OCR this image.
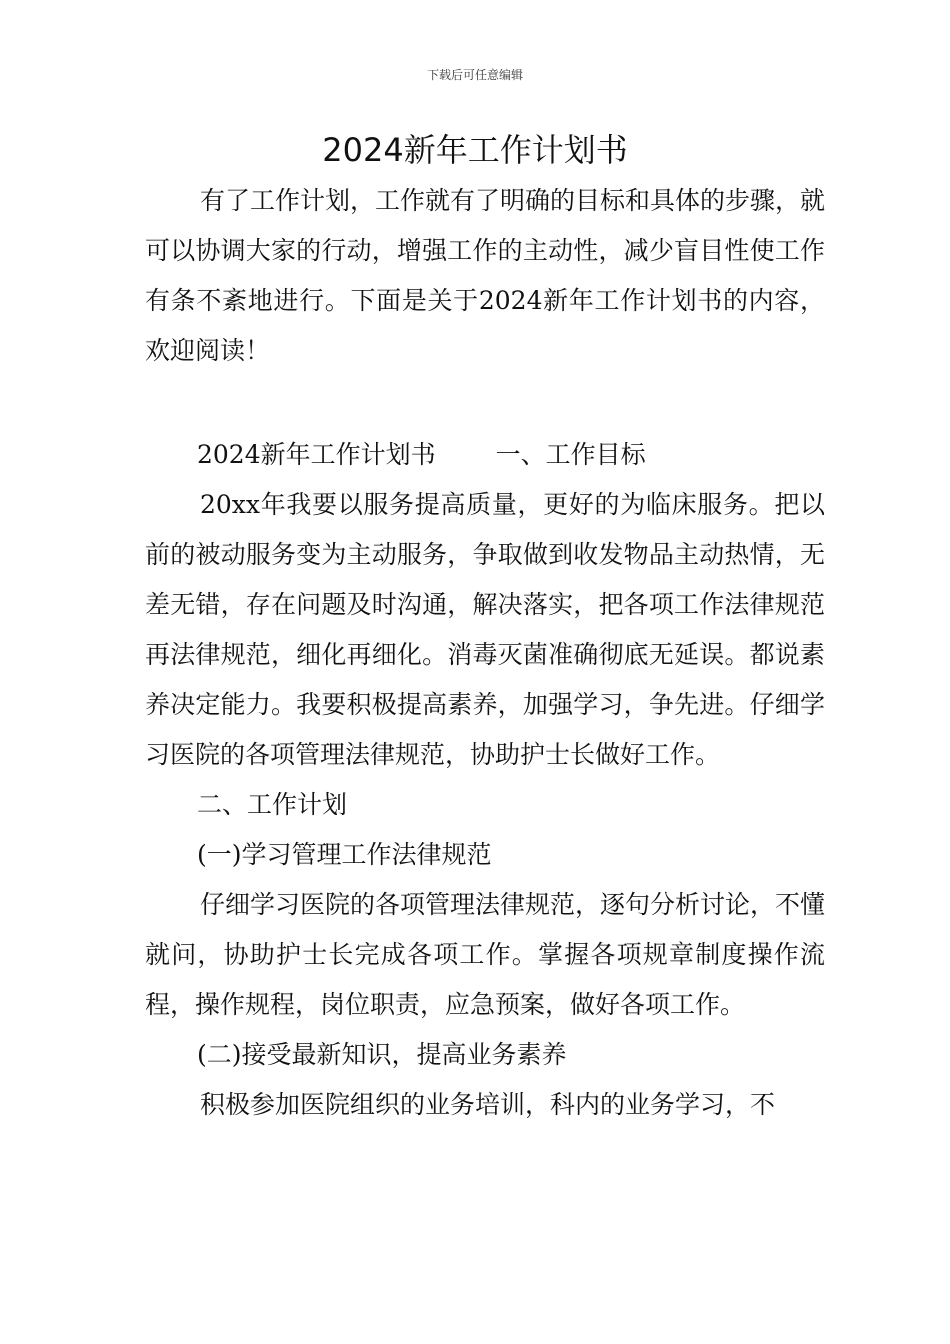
下载后可任意编辑
2024新年工作计划书

有了工作计划，工作就有了明确的目标和具体的步骤，就可以协调大家的行动，增强工作的主动性，减少盲目性使工作有条不紊地进行。下面是关于2024新年工作计划书的内容，欢迎阅读！

2024新年工作计划书 一、工作目标

20xx年我要以服务提高质量，更好的为临床服务。把以前的被动服务变为主动服务，争取做到收发物品主动热情，无差无错，存在问题及时沟通，解决落实，把各项工作法律规范再法律规范，细化再细化。消毒灭菌准确彻底无延误。都说素养决定能力。我要积极提高素养，加强学习，争先进。仔细学习医院的各项管理法律规范，协助护士长做好工作。

二、工作计划

(一)学习管理工作法律规范

仔细学习医院的各项管理法律规范，逐句分析讨论，不懂就问，协助护士长完成各项工作。掌握各项规章制度操作流程，操作规程，岗位职责，应急预案，做好各项工作。

(二)接受最新知识，提高业务素养

积极参加医院组织的业务培训，科内的业务学习，不
